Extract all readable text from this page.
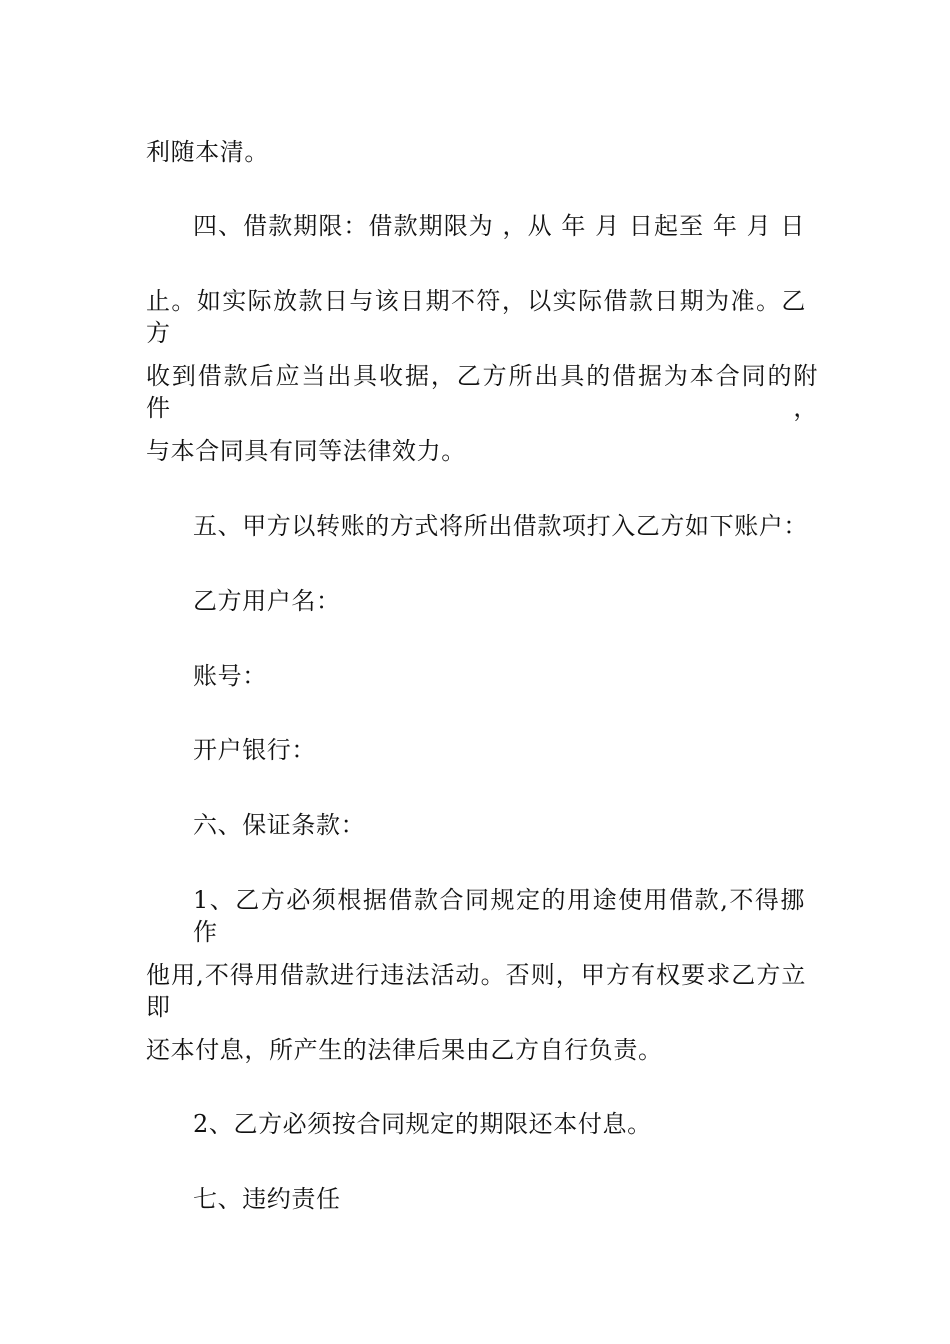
利随本清。
四、借款期限：借款期限为 ，从 年 月 日起至 年 月 日
止。如实际放款日与该日期不符，以实际借款日期为准。乙方
收到借款后应当出具收据，乙方所出具的借据为本合同的附件，
与本合同具有同等法律效力。
五、甲方以转账的方式将所出借款项打入乙方如下账户：
乙方用户名：
账号：
开户银行：
六、保证条款：
1、乙方必须根据借款合同规定的用途使用借款,不得挪作
他用,不得用借款进行违法活动。否则，甲方有权要求乙方立即
还本付息，所产生的法律后果由乙方自行负责。
2、乙方必须按合同规定的期限还本付息。
七、违约责任
